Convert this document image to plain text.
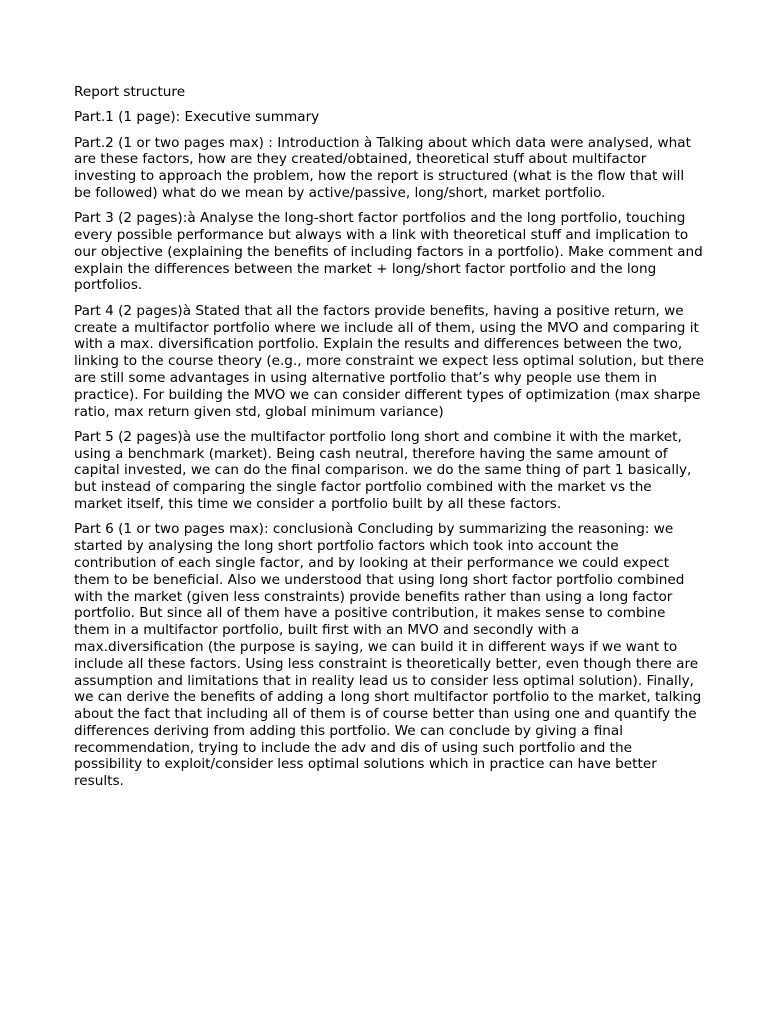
Report structure

Part.1 (1 page): Executive summary

Part.2 (1 or two pages max) : Introduction à Talking about which data were analysed, what are these factors, how are they created/obtained, theoretical stuff about multifactor investing to approach the problem, how the report is structured (what is the flow that will be followed) what do we mean by active/passive, long/short, market portfolio.

Part 3 (2 pages):à Analyse the long-short factor portfolios and the long portfolio, touching every possible performance but always with a link with theoretical stuff and implication to our objective (explaining the benefits of including factors in a portfolio). Make comment and explain the differences between the market + long/short factor portfolio and the long portfolios.

Part 4 (2 pages)à Stated that all the factors provide benefits, having a positive return, we create a multifactor portfolio where we include all of them, using the MVO and comparing it with a max. diversification portfolio. Explain the results and differences between the two, linking to the course theory (e.g., more constraint we expect less optimal solution, but there are still some advantages in using alternative portfolio that’s why people use them in practice). For building the MVO we can consider different types of optimization (max sharpe ratio, max return given std, global minimum variance)

Part 5 (2 pages)à use the multifactor portfolio long short and combine it with the market, using a benchmark (market). Being cash neutral, therefore having the same amount of capital invested, we can do the final comparison. we do the same thing of part 1 basically, but instead of comparing the single factor portfolio combined with the market vs the market itself, this time we consider a portfolio built by all these factors.

Part 6 (1 or two pages max): conclusionà Concluding by summarizing the reasoning: we started by analysing the long short portfolio factors which took into account the contribution of each single factor, and by looking at their performance we could expect them to be beneficial. Also we understood that using long short factor portfolio combined with the market (given less constraints) provide benefits rather than using a long factor portfolio. But since all of them have a positive contribution, it makes sense to combine them in a multifactor portfolio, built first with an MVO and secondly with a max.diversification (the purpose is saying, we can build it in different ways if we want to include all these factors. Using less constraint is theoretically better, even though there are assumption and limitations that in reality lead us to consider less optimal solution). Finally, we can derive the benefits of adding a long short multifactor portfolio to the market, talking about the fact that including all of them is of course better than using one and quantify the differences deriving from adding this portfolio. We can conclude by giving a final recommendation, trying to include the adv and dis of using such portfolio and the possibility to exploit/consider less optimal solutions which in practice can have better results.
